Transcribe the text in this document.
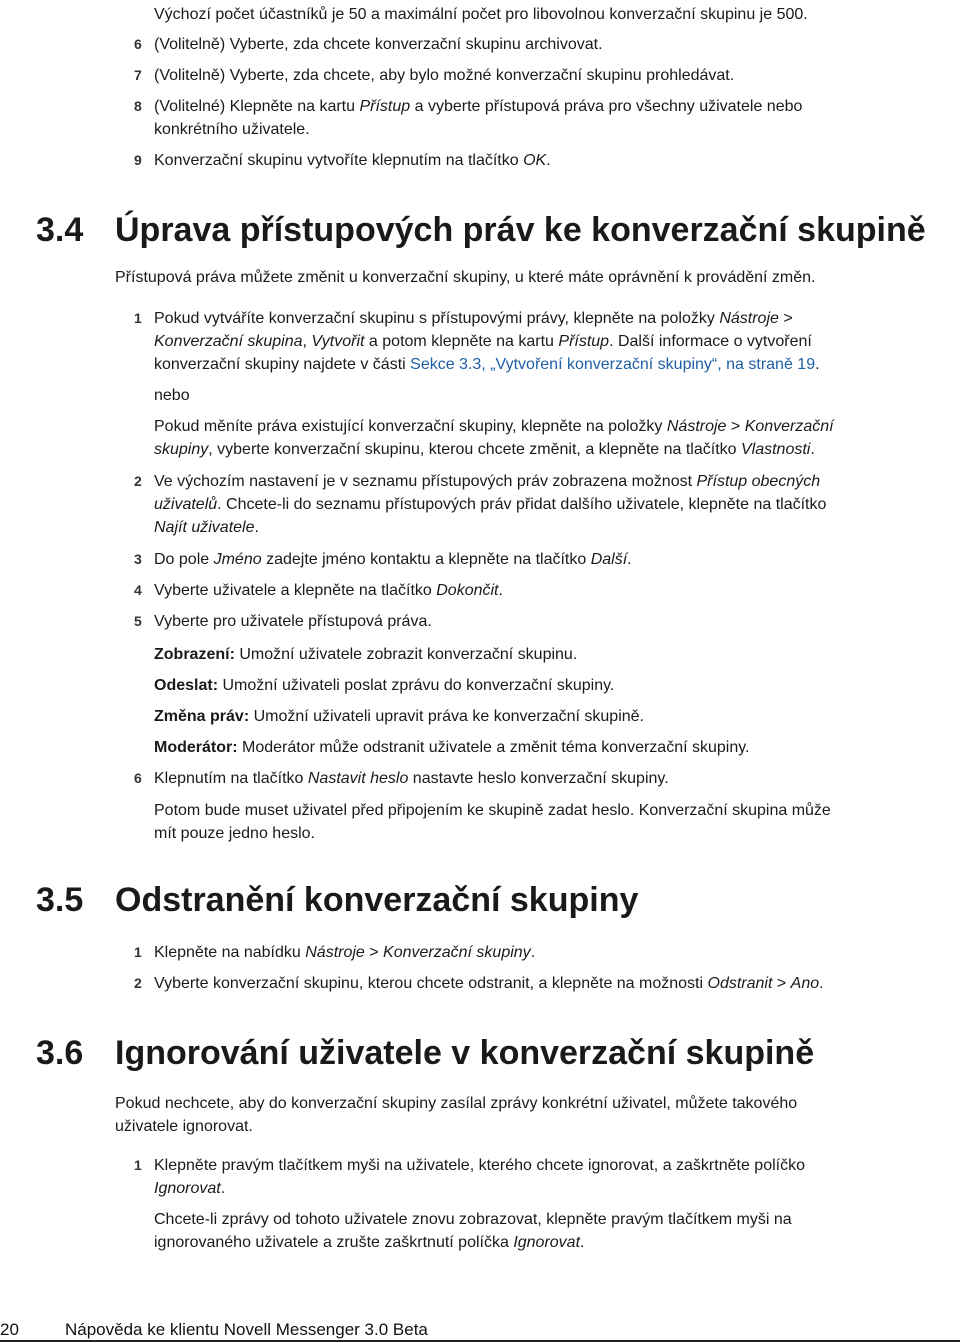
Výchozí počet účastníků je 50 a maximální počet pro libovolnou konverzační skupinu je 500.

6 (Volitelně) Vyberte, zda chcete konverzační skupinu archivovat.

7 (Volitelně) Vyberte, zda chcete, aby bylo možné konverzační skupinu prohledávat.

8 (Volitelné) Klepněte na kartu Přístup a vyberte přístupová práva pro všechny uživatele nebo
konkrétního uživatele.

9 Konverzační skupinu vytvoříte klepnutím na tlačítko OK.

3.4 Úprava přístupových práv ke konverzační skupině

Přístupová práva můžete změnit u konverzační skupiny, u které máte oprávnění k provádění změn.

1 Pokud vytváříte konverzační skupinu s přístupovými právy, klepněte na položky Nástroje >
Konverzační skupina, Vytvořit a potom klepněte na kartu Přístup. Další informace o vytvoření
konverzační skupiny najdete v části Sekce 3.3, „Vytvoření konverzační skupiny“, na straně 19.

nebo

Pokud měníte práva existující konverzační skupiny, klepněte na položky Nástroje > Konverzační
skupiny, vyberte konverzační skupinu, kterou chcete změnit, a klepněte na tlačítko Vlastnosti.

2 Ve výchozím nastavení je v seznamu přístupových práv zobrazena možnost Přístup obecných
uživatelů. Chcete-li do seznamu přístupových práv přidat dalšího uživatele, klepněte na tlačítko
Najít uživatele.

3 Do pole Jméno zadejte jméno kontaktu a klepněte na tlačítko Další.

4 Vyberte uživatele a klepněte na tlačítko Dokončit.

5 Vyberte pro uživatele přístupová práva.

Zobrazení: Umožní uživatele zobrazit konverzační skupinu.

Odeslat: Umožní uživateli poslat zprávu do konverzační skupiny.

Změna práv: Umožní uživateli upravit práva ke konverzační skupině.

Moderátor: Moderátor může odstranit uživatele a změnit téma konverzační skupiny.

6 Klepnutím na tlačítko Nastavit heslo nastavte heslo konverzační skupiny.

Potom bude muset uživatel před připojením ke skupině zadat heslo. Konverzační skupina může
mít pouze jedno heslo.

3.5 Odstranění konverzační skupiny
1 Klepněte na nabídku Nástroje > Konverzační skupiny.

2 Vyberte konverzační skupinu, kterou chcete odstranit, a klepněte na možnosti Odstranit > Ano.

3.6 Ignorování uživatele v konverzační skupině

Pokud nechcete, aby do konverzační skupiny zasílal zprávy konkrétní uživatel, můžete takového
uživatele ignorovat.

1 Klepněte pravým tlačítkem myši na uživatele, kterého chcete ignorovat, a zaškrtněte políčko
Ignorovat.

Chcete-li zprávy od tohoto uživatele znovu zobrazovat, klepněte pravým tlačítkem myši na
ignorovaného uživatele a zrušte zaškrtnutí políčka Ignorovat.

20	Nápověda ke klientu Novell Messenger 3.0 Beta
